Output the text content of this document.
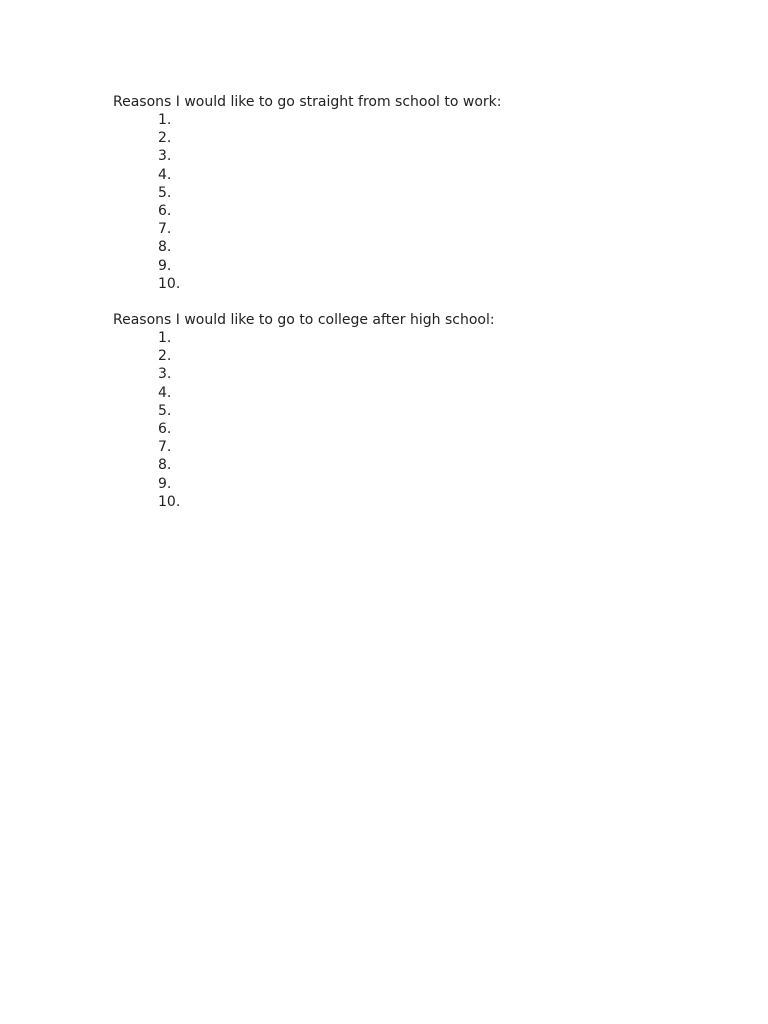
Reasons I would like to go straight from school to work:
1.
2.
3.
4.
5.
6.
7.
8.
9.
10.
Reasons I would like to go to college after high school:
1.
2.
3.
4.
5.
6.
7.
8.
9.
10.
